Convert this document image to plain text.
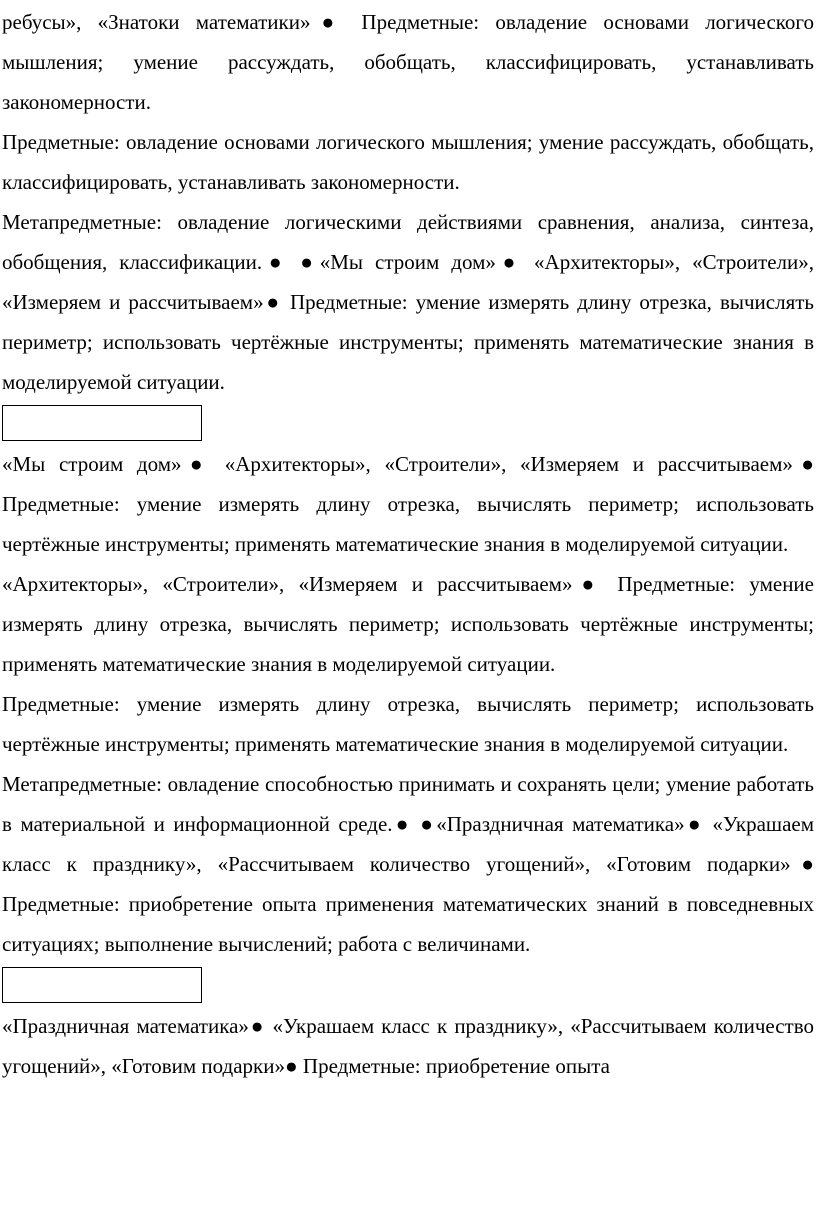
ребусы», «Знатоки математики»● Предметные: овладение основами логического мышления; умение рассуждать, обобщать, классифицировать, устанавливать закономерности.

Предметные: овладение основами логического мышления; умение рассуждать, обобщать, классифицировать, устанавливать закономерности.

Метапредметные: овладение логическими действиями сравнения, анализа, синтеза, обобщения, классификации.● ●«Мы строим дом»● «Архитекторы», «Строители», «Измеряем и рассчитываем»● Предметные: умение измерять длину отрезка, вычислять периметр; использовать чертёжные инструменты; применять математические знания в моделируемой ситуации.

«Мы строим дом»● «Архитекторы», «Строители», «Измеряем и рассчитываем»● Предметные: умение измерять длину отрезка, вычислять периметр; использовать чертёжные инструменты; применять математические знания в моделируемой ситуации.

«Архитекторы», «Строители», «Измеряем и рассчитываем»● Предметные: умение измерять длину отрезка, вычислять периметр; использовать чертёжные инструменты; применять математические знания в моделируемой ситуации.

Предметные: умение измерять длину отрезка, вычислять периметр; использовать чертёжные инструменты; применять математические знания в моделируемой ситуации.

Метапредметные: овладение способностью принимать и сохранять цели; умение работать в материальной и информационной среде.● ●«Праздничная математика»● «Украшаем класс к празднику», «Рассчитываем количество угощений», «Готовим подарки»● Предметные: приобретение опыта применения математических знаний в повседневных ситуациях; выполнение вычислений; работа с величинами.

«Праздничная математика»● «Украшаем класс к празднику», «Рассчитываем количество угощений», «Готовим подарки»● Предметные: приобретение опыта
